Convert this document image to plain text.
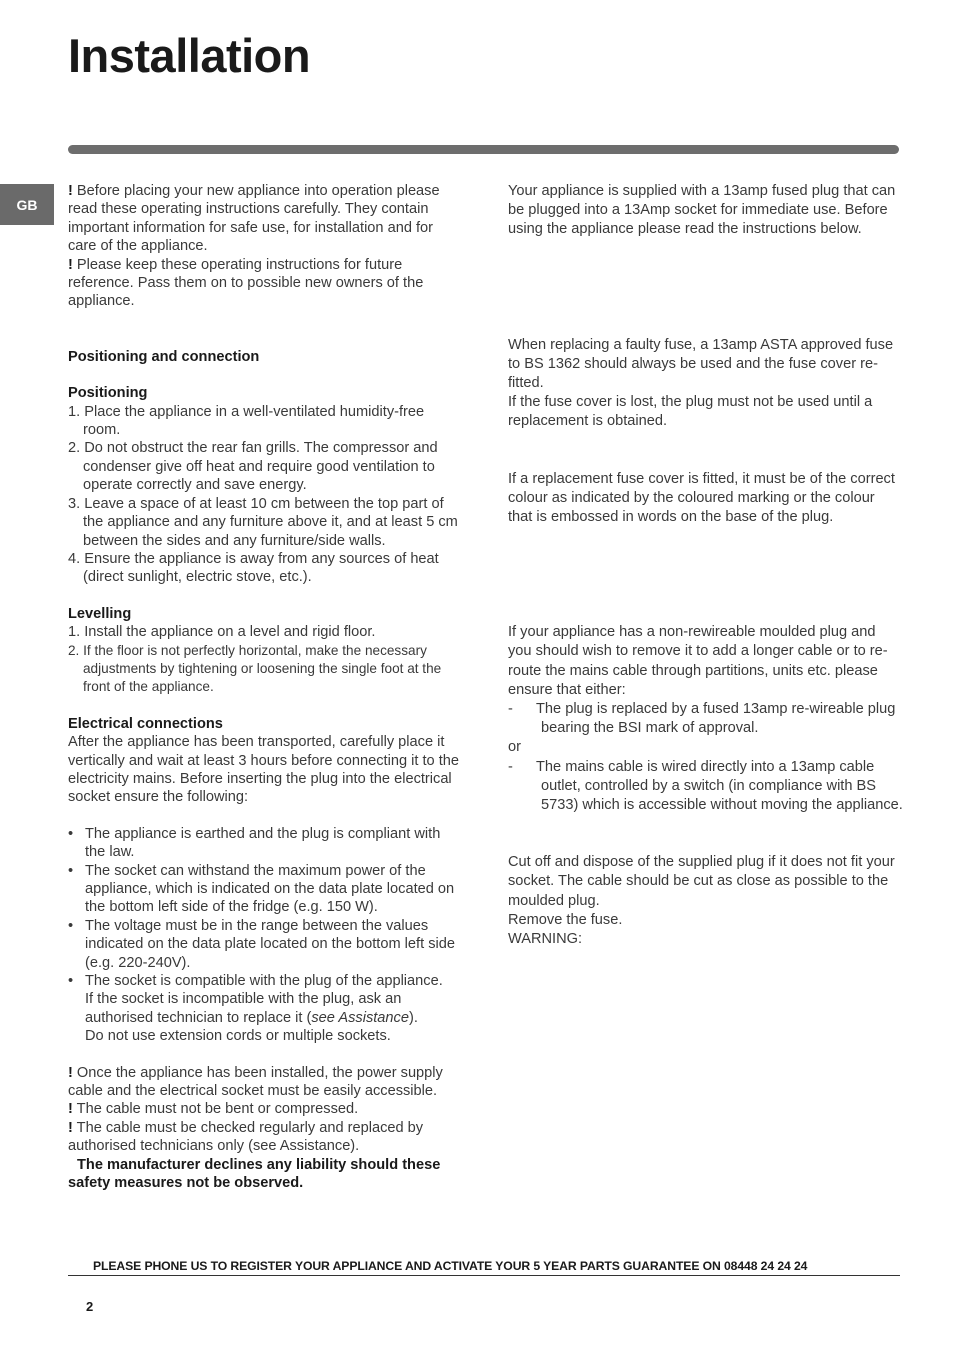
Installation
GB

! Before placing your new appliance into operation please read these operating instructions carefully. They contain important information for safe use, for installation and for care of the appliance.

! Please keep these operating instructions for future reference. Pass them on to possible new owners of the appliance.

Positioning and connection

Positioning

1. Place the appliance in a well-ventilated humidity-free room.

2. Do not obstruct the rear fan grills. The compressor and condenser give off heat and require good ventilation to operate correctly and save energy.

3. Leave a space of at least 10 cm between the top part of the appliance and any furniture above it, and at least 5 cm between the sides and any furniture/side walls.

4. Ensure the appliance is away from any sources of heat (direct sunlight, electric stove, etc.).

Levelling

1. Install the appliance on a level and rigid floor.

2. If the floor is not perfectly horizontal, make the necessary adjustments by tightening or loosening the single foot at the front of the appliance.

Electrical connections

After the appliance has been transported, carefully place it vertically and wait at least 3 hours before connecting it to the electricity mains. Before inserting the plug into the electrical socket ensure the following:

• The appliance is earthed and the plug is compliant with the law.
• The socket can withstand the maximum power of the appliance, which is indicated on the data plate located on the bottom left side of the fridge (e.g. 150 W).
• The voltage must be in the range between the values indicated on the data plate located on the bottom left side (e.g. 220-240V).
• The socket is compatible with the plug of the appliance.
If the socket is incompatible with the plug, ask an authorised technician to replace it (see Assistance).
Do not use extension cords or multiple sockets.

! Once the appliance has been installed, the power supply cable and the electrical socket must be easily accessible.

! The cable must not be bent or compressed.

! The cable must be checked regularly and replaced by authorised technicians only (see Assistance).

The manufacturer declines any liability should these safety measures not be observed.

Your appliance is supplied with a 13amp fused plug that can be plugged into a 13Amp socket for immediate use. Before using the appliance please read the instructions below.

When replacing a faulty fuse, a 13amp ASTA approved fuse to BS 1362 should always be used and the fuse cover re-fitted.

If the fuse cover is lost, the plug must not be used until a replacement is obtained.

If a replacement fuse cover is fitted, it must be of the correct colour as indicated by the coloured marking or the colour that is embossed in words on the base of the plug.

If your appliance has a non-rewireable moulded plug and you should wish to remove it to add a longer cable or to re-route the mains cable through partitions, units etc. please ensure that either:

- The plug is replaced by a fused 13amp re-wireable plug bearing the BSI mark of approval.

or

- The mains cable is wired directly into a 13amp cable outlet, controlled by a switch (in compliance with BS 5733) which is accessible without moving the appliance.

Cut off and dispose of the supplied plug if it does not fit your socket. The cable should be cut as close as possible to the moulded plug.

Remove the fuse.

WARNING:

PLEASE PHONE US TO REGISTER YOUR APPLIANCE AND ACTIVATE YOUR 5 YEAR PARTS GUARANTEE ON 08448 24 24 24
2
